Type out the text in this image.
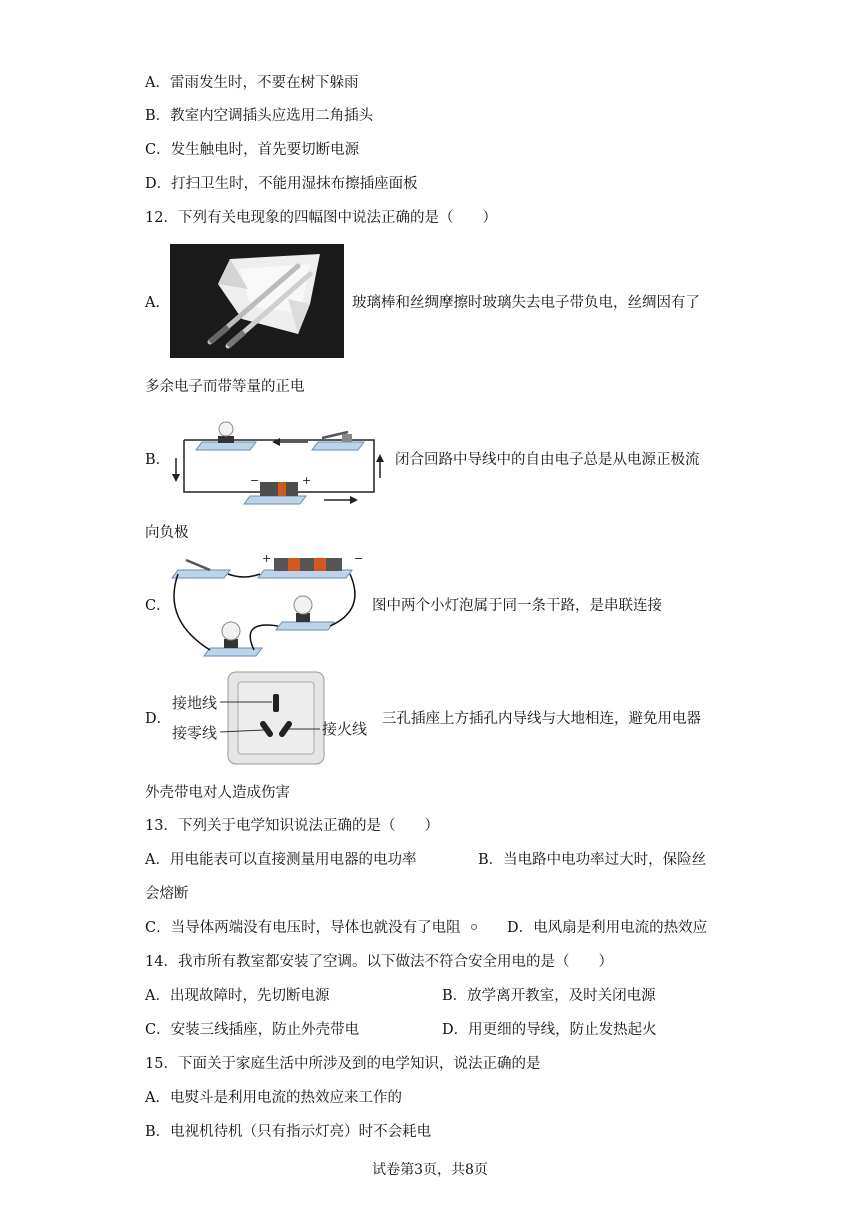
A．雷雨发生时，不要在树下躲雨
B．教室内空调插头应选用二角插头
C．发生触电时，首先要切断电源
D．打扫卫生时，不能用湿抹布擦插座面板
12．下列有关电现象的四幅图中说法正确的是（　　）
A．	玻璃棒和丝绸摩擦时玻璃失去电子带负电，丝绸因有了
多余电子而带等量的正电
B．
−	+
闭合回路中导线中的自由电子总是从电源正极流
向负极
C．
+	−
图中两个小灯泡属于同一条干路，是串联连接
D．
接地线
接零线	接火线
三孔插座上方插孔内导线与大地相连，避免用电器
外壳带电对人造成伤害
13．下列关于电学知识说法正确的是（　　）
A．用电能表可以直接测量用电器的电功率	B．当电路中电功率过大时，保险丝
会熔断
C．当导体两端没有电压时，导体也就没有了电阻	D．电风扇是利用电流的热效应
14．我市所有教室都安装了空调。以下做法不符合安全用电的是（　　）
A．出现故障时，先切断电源	B．放学离开教室，及时关闭电源
C．安装三线插座，防止外壳带电	D．用更细的导线，防止发热起火
15．下面关于家庭生活中所涉及到的电学知识，说法正确的是
A．电熨斗是利用电流的热效应来工作的
B．电视机待机（只有指示灯亮）时不会耗电
试卷第3页，共8页
